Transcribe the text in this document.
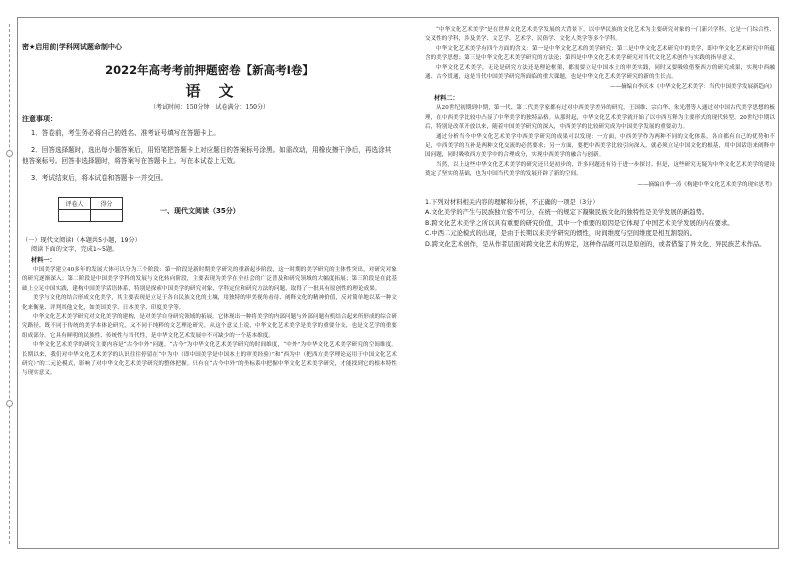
密★启用前|学科网试题命制中心
2022年高考考前押题密卷【新高考Ⅰ卷】
语文
（考试时间：150分钟　试卷满分：150分）
注意事项：
1．答卷前，考生务必将自己的姓名、准考证号填写在答题卡上。
2．回答选择题时，选出每小题答案后，用铅笔把答题卡上对应题目的答案标号涂黑。如需改动，用橡皮擦干净后，再选涂其他答案标号。回答非选择题时，将答案写在答题卡上。写在本试卷上无效。
3．考试结束后，将本试卷和答题卡一并交回。
评卷人	得分

一、现代文阅读（35分）
（一）现代文阅读Ⅰ（本题共5小题，19分）
阅读下面的文字，完成1~5题。
材料一：

中国美学建立40多年的发展大体可以分为三个阶段：第一阶段是新时期美学研究的重新起步阶段，这一时期的美学研究的主体性突出，对研究对象的研究逐渐深入；第二阶段是中国美学学科的发展与文化转向阶段，主要表现为美学在全社会的广泛普及和研究领域的大幅度拓展；第三阶段是在此基础上立足中国实践，建构中国美学话语体系，特别是探索中国美学的研究对象、学科定位和研究方法的问题，取得了一批具有原创性的理论成果。

美学与文化的结合形成文化美学，其主要表现是立足于各自民族文化的土壤，用独特的审美视角看待、阐释文化的精神价值，反对简单地以某一种文化来衡量、评判其他文化，如美国美学、日本美学、印度美学等。

中华文化艺术美学研究对文化美学的建构，是对美学自身研究领域的拓展。它体现出一种将美学的内部问题与外部问题有机结合起来所形成的综合研究路径，既不同于传统的美学本体论研究，又不同于纯粹的文艺理论研究。从这个意义上说，中华文化艺术美学是美学的重要分支，也是文艺学的重要组成部分。它具有鲜明的民族性、传统性与当代性，是中华文化艺术发展中不可缺少的一个基本维度。

中华文化艺术美学的研究主要内容是“古今中外”问题。“古今”为中华文化艺术美学研究的时间维度，“中外”为中华文化艺术美学研究的空间维度。长期以来，我们对中华文化艺术美学的认识往往停留在“中为中（即中国美学是中国本土的审美经验）”和“西为中（把西方美学理论运用于中国文化艺术研究）”的二元论模式，影响了对中华文化艺术美学研究的整体把握。只有在“古今中外”的坐标系中把握中华文化艺术美学研究，才能找到它的根本特性与现实意义。

“中华文化艺术美学”是在世界文化艺术美学发展的大背景下，以中华民族的文化艺术为主要研究对象的一门新兴学科，它是一门综合性、交叉性的学科，涉及美学、文艺学、艺术学、民俗学、文化人类学等多个学科。

中华文化艺术美学有四个方面的含义：第一是中华文化艺术的美学研究；第二是中华文化艺术研究中的美学，即中华文化艺术研究中所蕴含的美学思想；第三是中华文化艺术美学研究的方法论；第四是中华文化艺术美学研究对当代文化艺术创作与实践的指导意义。

中华文化艺术美学，无论是研究方法还是理论框架，都需要立足中国本土的审美实践，同时又要吸收借鉴西方的研究成果，实现中西融通、古今贯通，这是当代中国美学研究所面临的重大课题，也是中华文化艺术美学研究的新的生长点。

——摘编自李庆本《中华文化艺术美学：当代中国美学发展新趋向》
材料二：

从20世纪初期到中期，第一代、第二代美学家都有过对中西美学差异的研究，王国维、宗白华、朱光潜等人通过对中国古代美学思想的梳理，在中西美学比较中凸显了中华美学的独特品格。从那时起，中华文化艺术美学就开始了以中西互释为主要形式的现代转型。20世纪中期以后，特别是改革开放以来，随着中国美学研究的深入，中西美学的比较研究成为中国美学发展的重要动力。

通过分析当今中华文化艺术美学中西美学研究的成果可以发现：一方面，中西美学作为两种不同的文化体系，各自都有自己的优势和不足，中西美学的互补是两种文化交流的必然要求；另一方面，要把中西美学比较引向深入，就必须立足中国文化的根基，用中国话语来阐释中国问题，同时吸收西方美学中的合理成分，实现中西美学的融合与创新。

当然，以上这些中华文化艺术美学的研究还只是初步的，许多问题还有待于进一步探讨。但是，这些研究无疑为中华文化艺术美学的建设奠定了坚实的基础，也为中国当代美学的发展开辟了新的空间。

——摘编自季一涛《构建中华文化艺术美学的现实思考》
1.下列对材料相关内容的理解和分析，不正确的一项是（3分）
A.文化美学的产生与民族独立密不可分，在统一的规定下凝聚民族文化的独特性是美学发展的新趋势。
B.跨文化艺术美学之所以具有重要的研究价值，其中一个重要的原因是它体现了中国艺术美学发展的内在要求。
C.中西二元论模式的出现，是由于长期以来美学研究的惯性，时间维度与空间维度是相互割裂的。
D.跨文化艺术创作，是从作者层面对跨文化艺术的界定，这种作品既可以是原创的，或者借鉴了异文化、异民族艺术作品。
